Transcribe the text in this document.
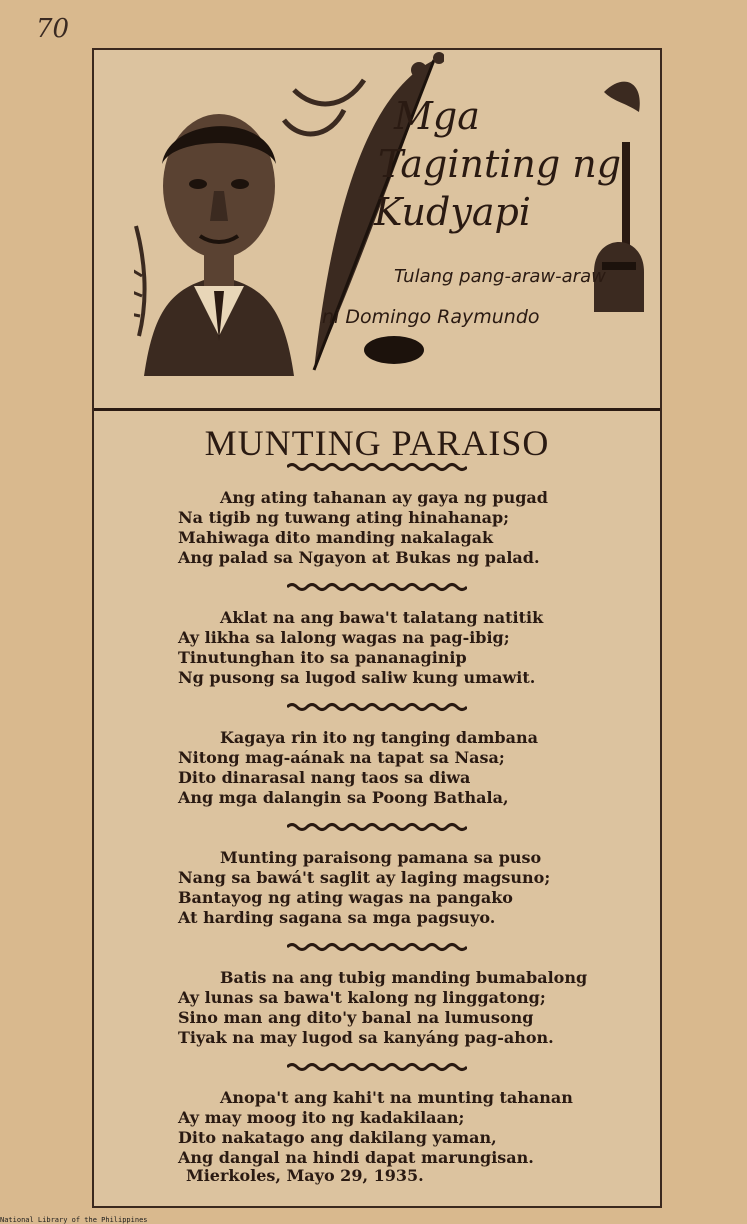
70
Mga
Taginting ng
Kudyapi
Tulang pang-araw-araw
ni Domingo Raymundo
MUNTING PARAISO
Ang ating tahanan ay gaya ng pugad
Na tigib ng tuwang ating hinahanap;
Mahiwaga dito manding nakalagak
Ang palad sa Ngayon at Bukas ng palad.
Aklat na ang bawa't talatang natitik
Ay likha sa lalong wagas na pag-ibig;
Tinutunghan ito sa pananaginip
Ng pusong sa lugod saliw kung umawit.
Kagaya rin ito ng tanging dambana
Nitong mag-aának na tapat sa Nasa;
Dito dinarasal nang taos sa diwa
Ang mga dalangin sa Poong Bathala,
Munting paraisong pamana sa puso
Nang sa bawá't saglit ay laging magsuno;
Bantayog ng ating wagas na pangako
At harding sagana sa mga pagsuyo.
Batis na ang tubig manding bumabalong
Ay lunas sa bawa't kalong ng linggatong;
Sino man ang dito'y banal na lumusong
Tiyak na may lugod sa kanyáng pag-ahon.
Anopa't ang kahi't na munting tahanan
Ay may moog ito ng kadakilaan;
Dito nakatago ang dakilang yaman,
Ang dangal na hindi dapat marungisan.
Mierkoles, Mayo 29, 1935.
National Library of the Philippines
